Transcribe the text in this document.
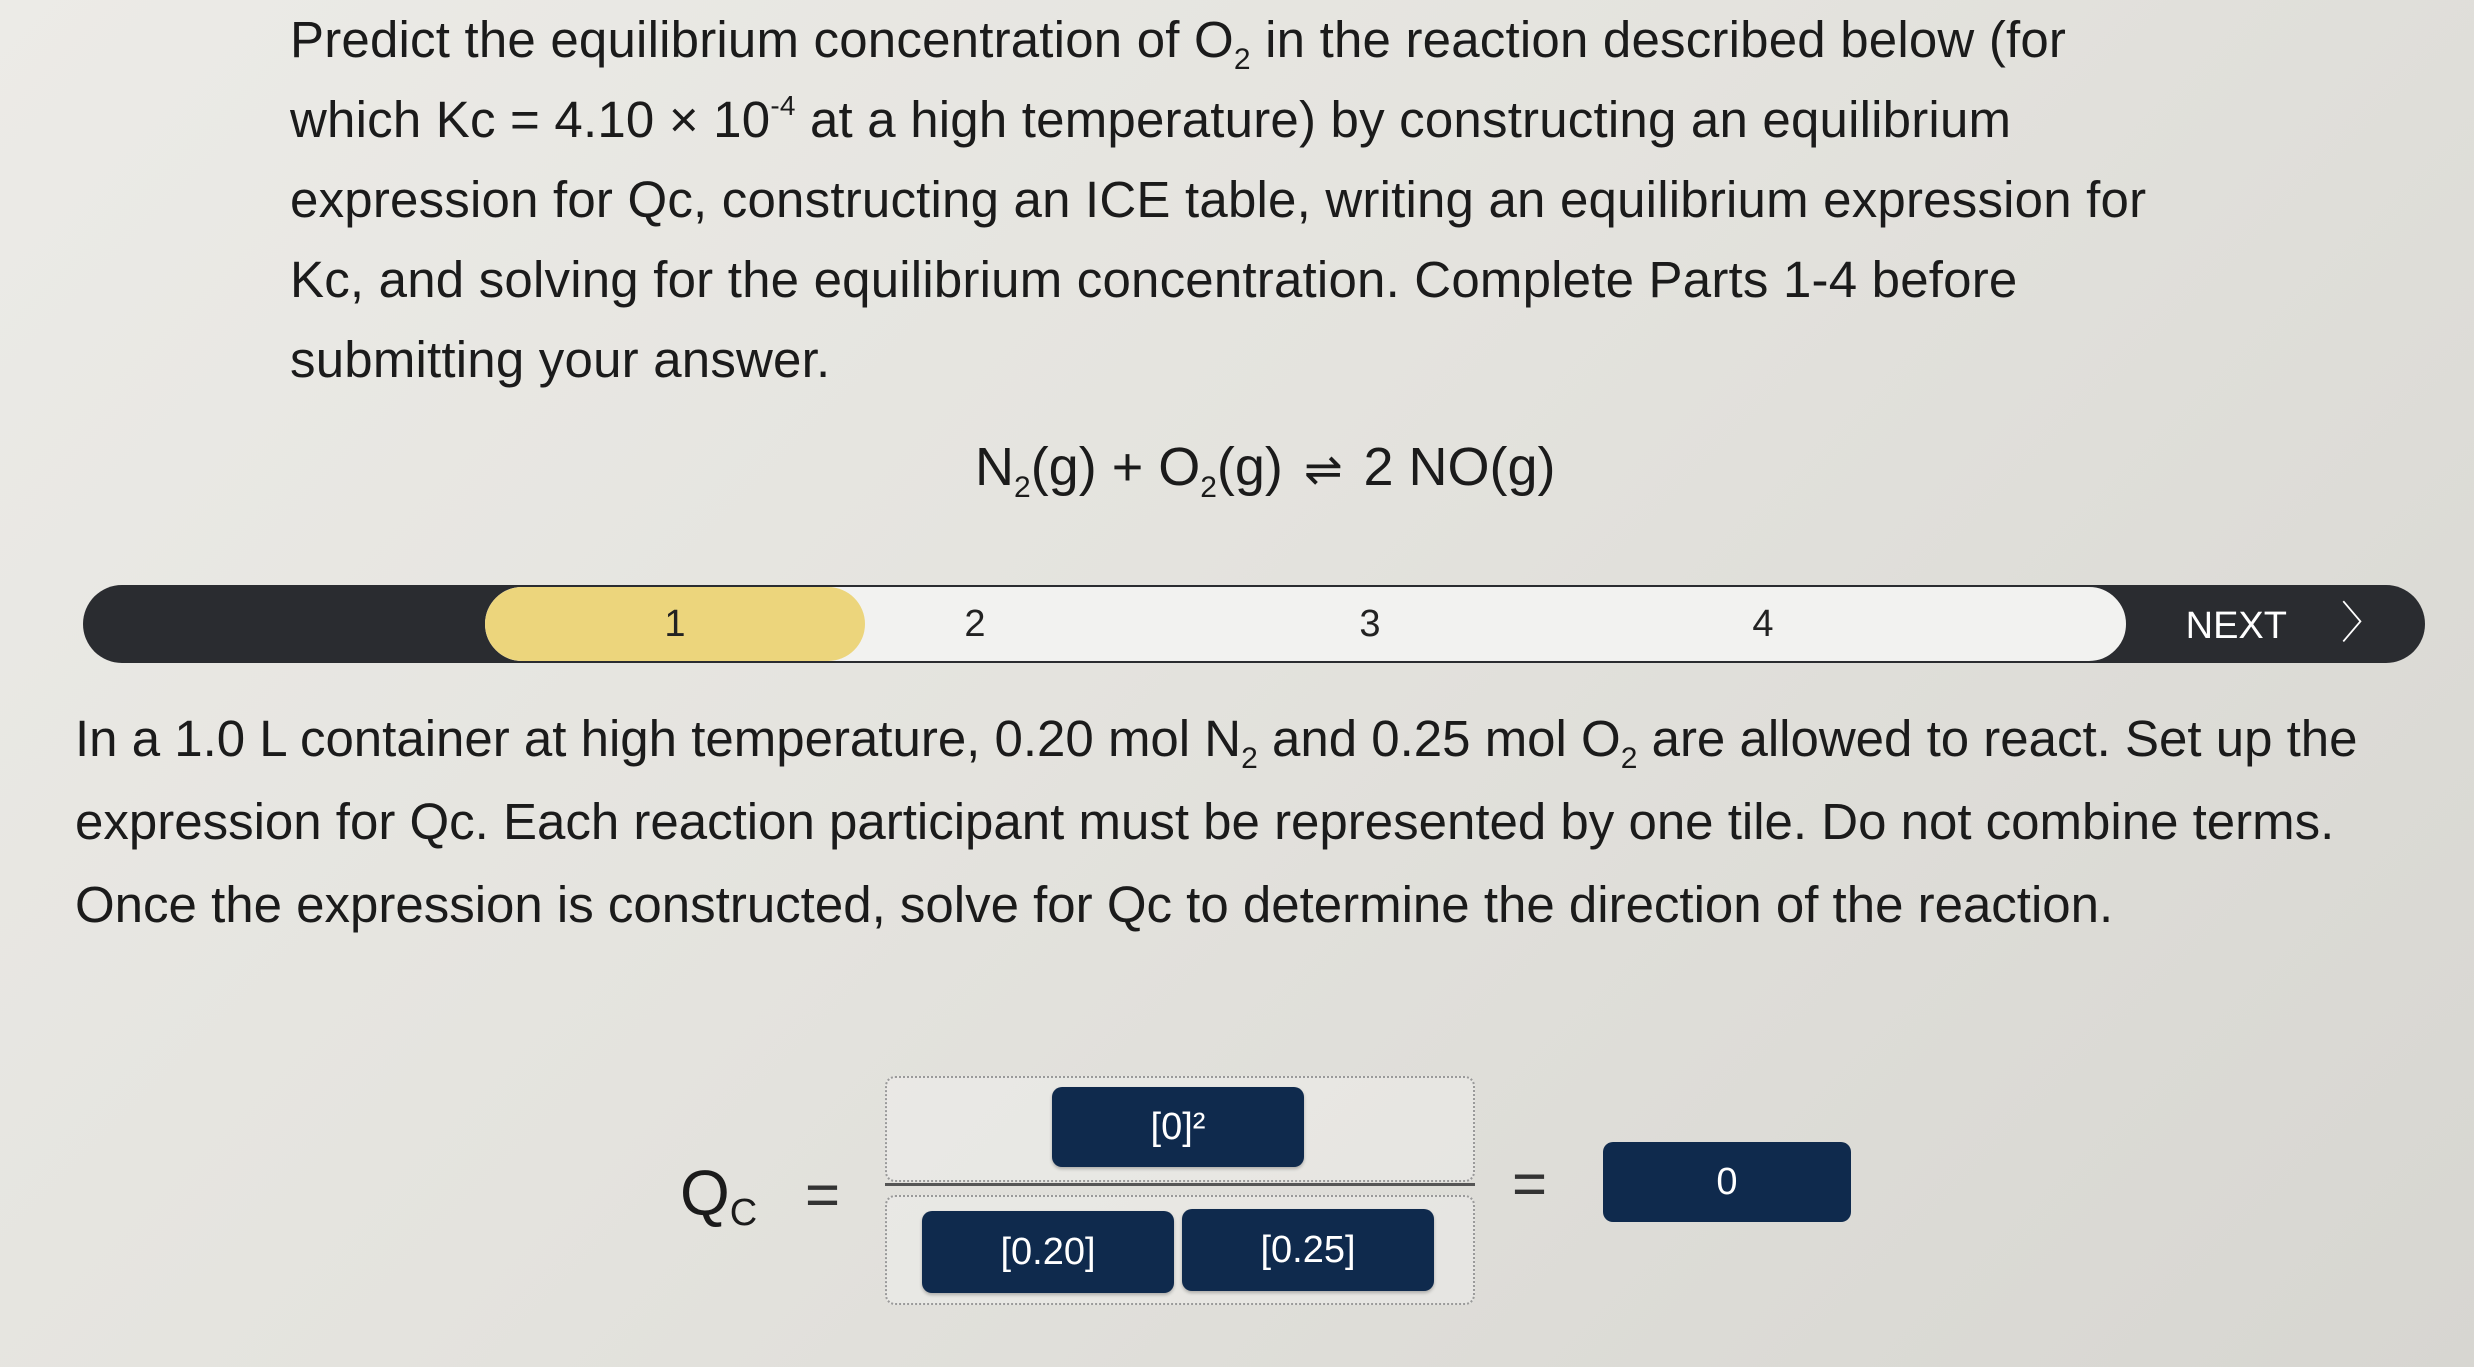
Predict the equilibrium concentration of $O_2$ in the reaction described below (for which $Kc = 4.10 \times 10^{-4}$ at a high temperature) by constructing an equilibrium expression for Qc, constructing an ICE table, writing an equilibrium expression for Kc, and solving for the equilibrium concentration. Complete Parts 1-4 before submitting your answer.

$N_2(g) + O_2(g)$ ⇌ 2 NO(g)
1	2	3	4	NEXT 〉

In a 1.0 L container at high temperature, 0.20 mol $N_2$ and 0.25 mol $O_2$ are allowed to react. Set up the expression for Qc. Each reaction participant must be represented by one tile. Do not combine terms.

Once the expression is constructed, solve for Qc to determine the direction of the reaction.

$Q_C$ =
[0]²
[0.20]	[0.25]
=	0
